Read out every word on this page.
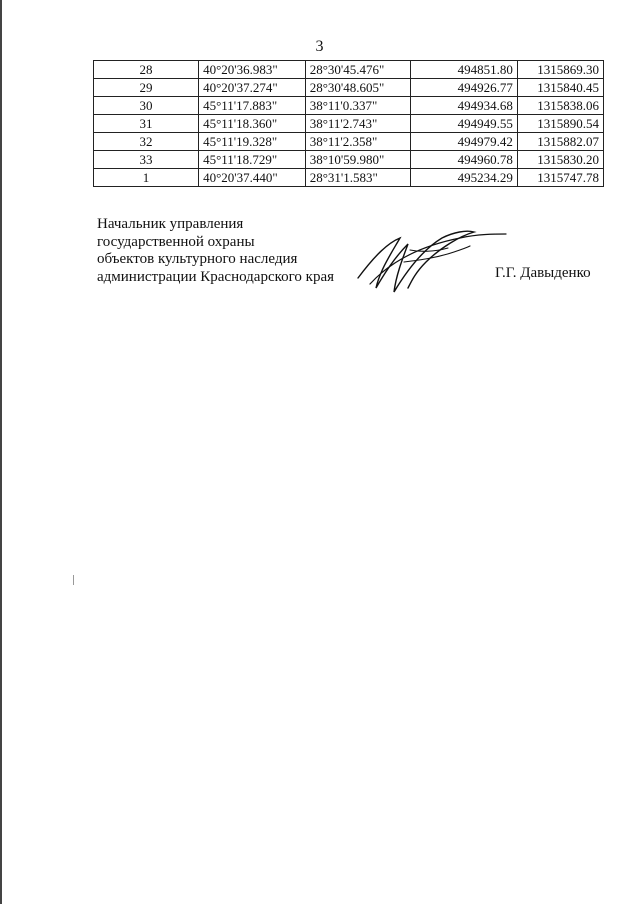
3
28	40°20'36.983"	28°30'45.476"	494851.80	1315869.30
29	40°20'37.274"	28°30'48.605"	494926.77	1315840.45
30	45°11'17.883"	38°11'0.337"	494934.68	1315838.06
31	45°11'18.360"	38°11'2.743"	494949.55	1315890.54
32	45°11'19.328"	38°11'2.358"	494979.42	1315882.07
33	45°11'18.729"	38°10'59.980"	494960.78	1315830.20
1	40°20'37.440"	28°31'1.583"	495234.29	1315747.78
Начальник управления
государственной охраны
объектов культурного наследия
администрации Краснодарского края	Г.Г. Давыденко
